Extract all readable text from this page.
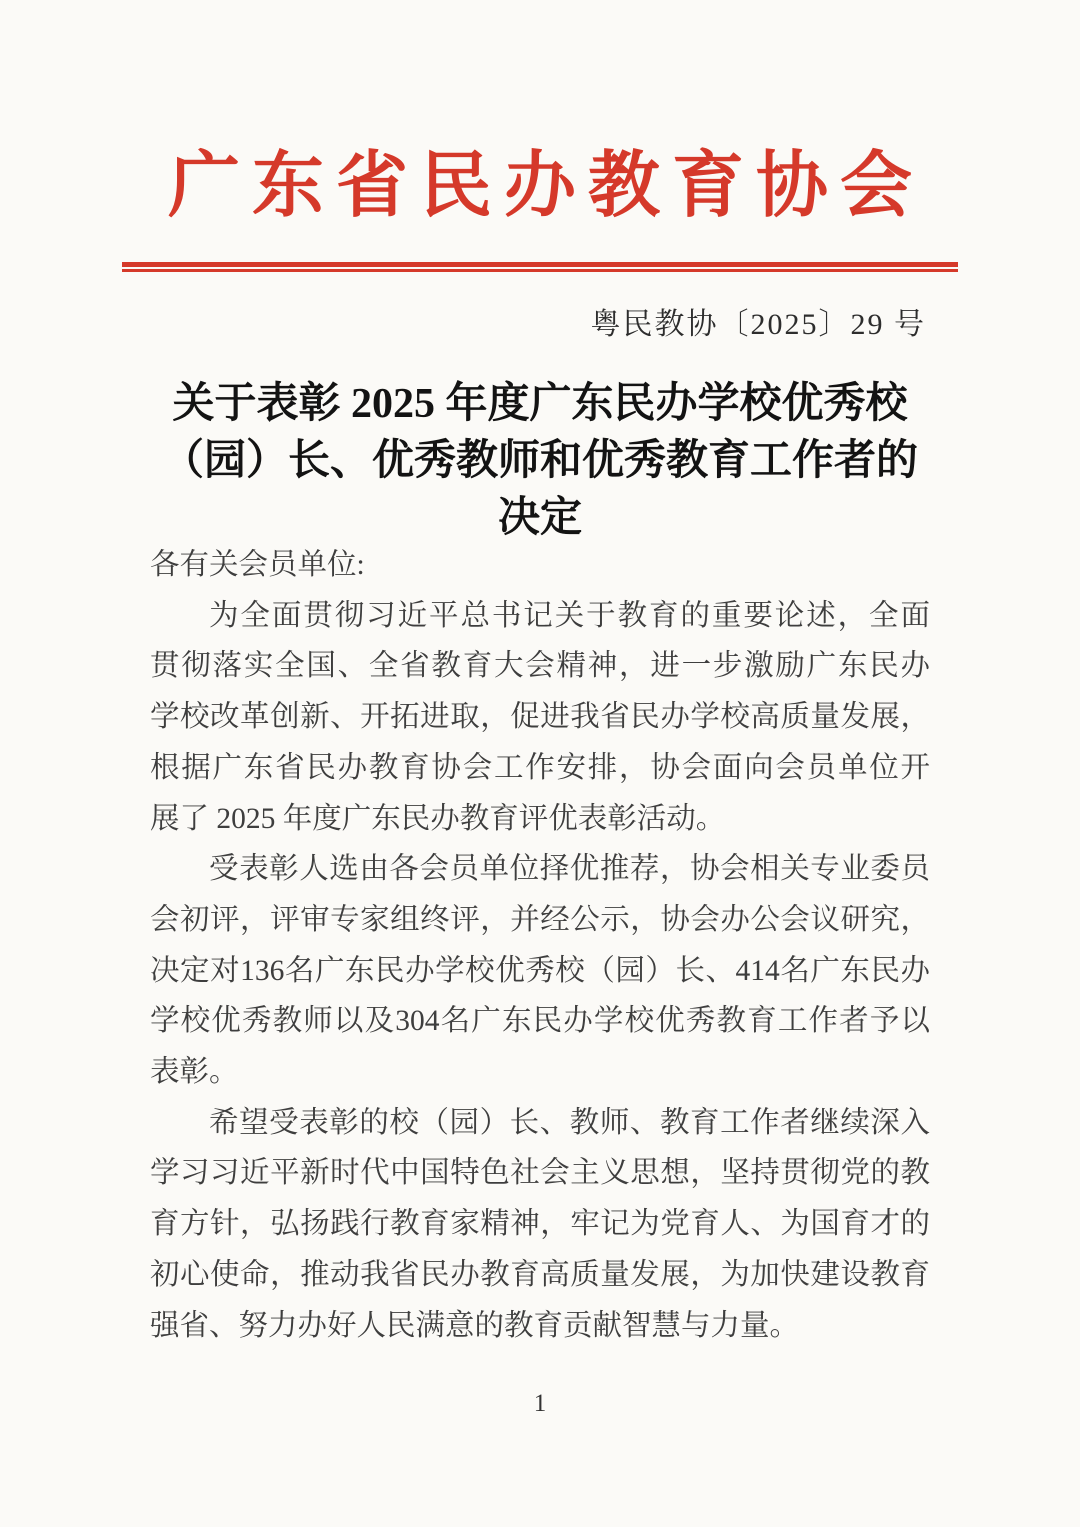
广东省民办教育协会
粤民教协〔2025〕29 号
关于表彰 2025 年度广东民办学校优秀校
（园）长、优秀教师和优秀教育工作者的
决定
各有关会员单位:
为全面贯彻习近平总书记关于教育的重要论述，全面
贯彻落实全国、全省教育大会精神，进一步激励广东民办
学校改革创新、开拓进取，促进我省民办学校高质量发展，
根据广东省民办教育协会工作安排，协会面向会员单位开
展了 2025 年度广东民办教育评优表彰活动。
受表彰人选由各会员单位择优推荐，协会相关专业委员
会初评，评审专家组终评，并经公示，协会办公会议研究，
决定对136名广东民办学校优秀校（园）长、414名广东民办
学校优秀教师以及304名广东民办学校优秀教育工作者予以
表彰。
希望受表彰的校（园）长、教师、教育工作者继续深入
学习习近平新时代中国特色社会主义思想，坚持贯彻党的教
育方针，弘扬践行教育家精神，牢记为党育人、为国育才的
初心使命，推动我省民办教育高质量发展，为加快建设教育
强省、努力办好人民满意的教育贡献智慧与力量。
1
